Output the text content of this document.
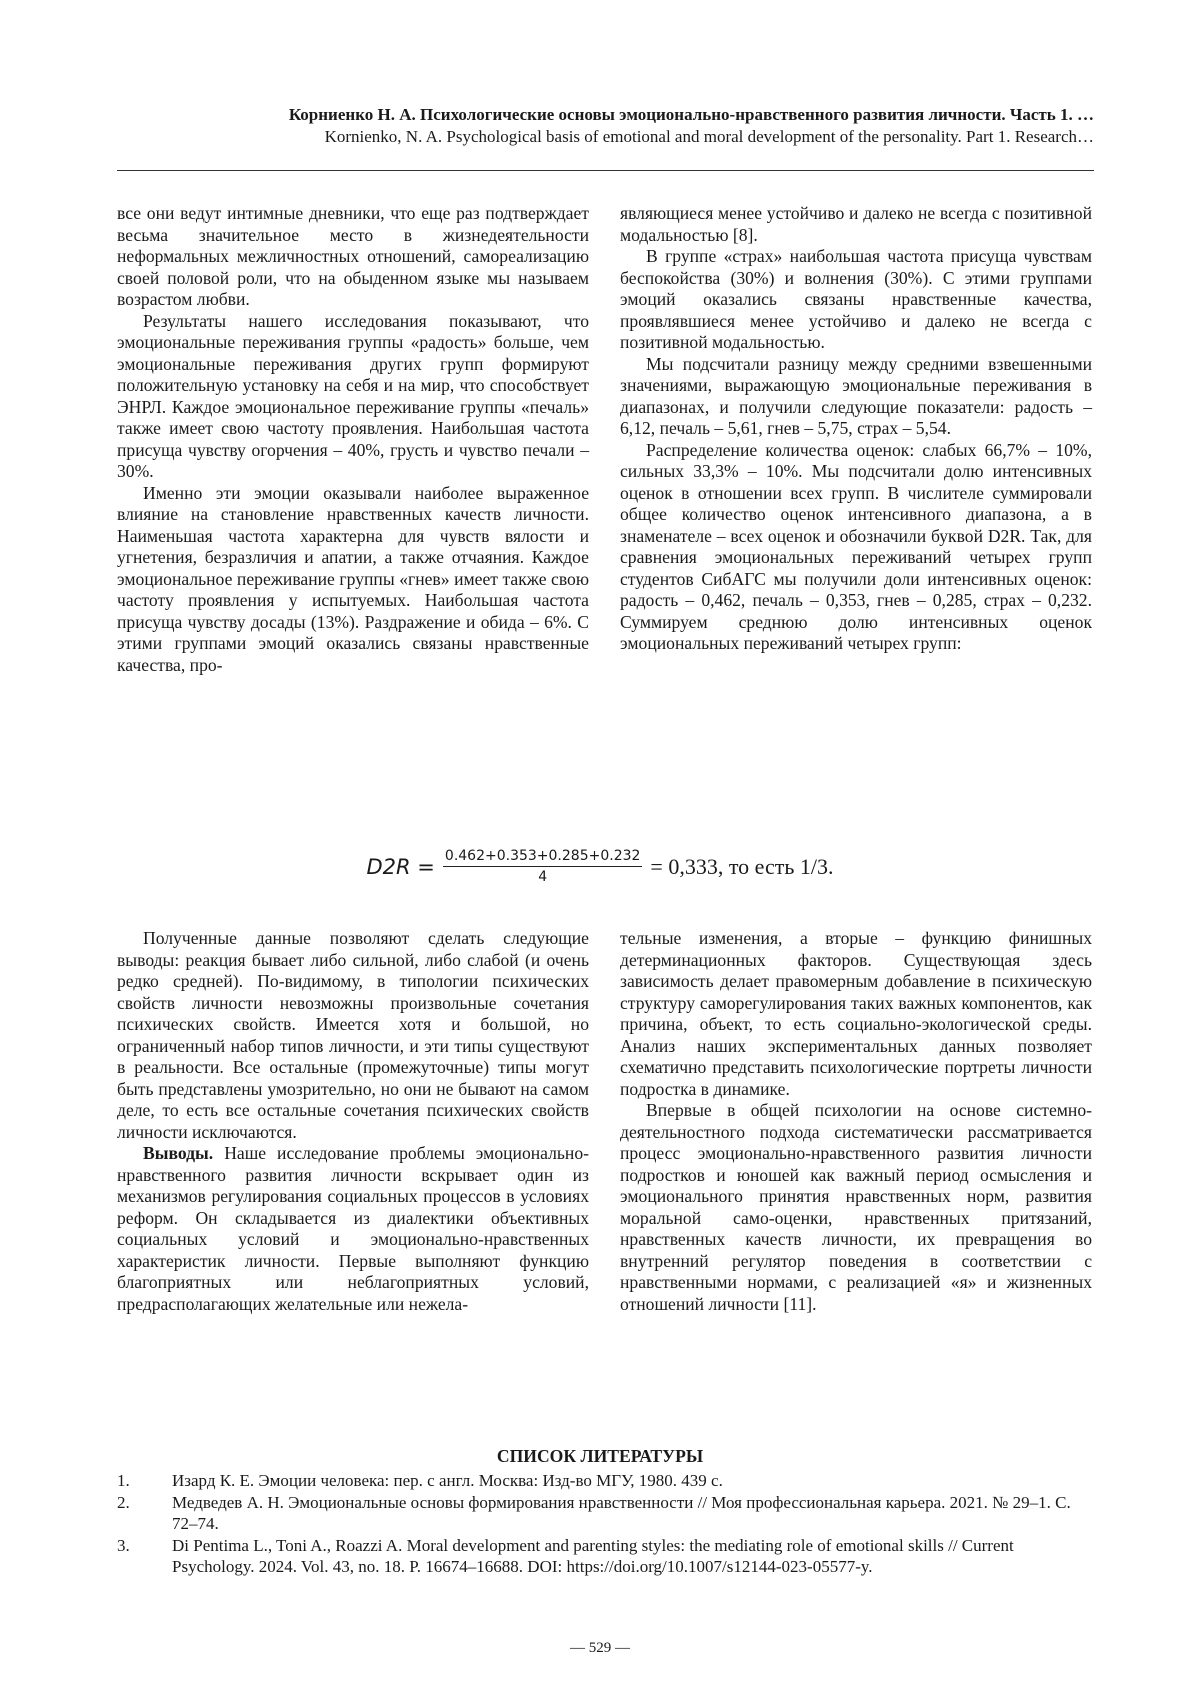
Корниенко Н. А. Психологические основы эмоционально-нравственного развития личности. Часть 1. …
Kornienko, N. A. Psychological basis of emotional and moral development of the personality. Part 1. Research…

все они ведут интимные дневники, что еще раз подтверждает весьма значительное место в жизнедеятельности неформальных межличностных отношений, самореализацию своей половой роли, что на обыденном языке мы называем возрастом любви.

Результаты нашего исследования показывают, что эмоциональные переживания группы «радость» больше, чем эмоциональные переживания других групп формируют положительную установку на себя и на мир, что способствует ЭНРЛ. Каждое эмоциональное переживание группы «печаль» также имеет свою частоту проявления. Наибольшая частота присуща чувству огорчения – 40%, грусть и чувство печали – 30%.

Именно эти эмоции оказывали наиболее выраженное влияние на становление нравственных качеств личности. Наименьшая частота характерна для чувств вялости и угнетения, безразличия и апатии, а также отчаяния. Каждое эмоциональное переживание группы «гнев» имеет также свою частоту проявления у испытуемых. Наибольшая частота присуща чувству досады (13%). Раздражение и обида – 6%. С этими группами эмоций оказались связаны нравственные качества, про-

являющиеся менее устойчиво и далеко не всегда с позитивной модальностью [8].

В группе «страх» наибольшая частота присуща чувствам беспокойства (30%) и волнения (30%). С этими группами эмоций оказались связаны нравственные качества, проявлявшиеся менее устойчиво и далеко не всегда с позитивной модальностью.

Мы подсчитали разницу между средними взвешенными значениями, выражающую эмоциональные переживания в диапазонах, и получили следующие показатели: радость – 6,12, печаль – 5,61, гнев – 5,75, страх – 5,54.

Распределение количества оценок: слабых 66,7% – 10%, сильных 33,3% – 10%. Мы подсчитали долю интенсивных оценок в отношении всех групп. В числителе суммировали общее количество оценок интенсивного диапазона, а в знаменателе – всех оценок и обозначили буквой D2R. Так, для сравнения эмоциональных переживаний четырех групп студентов СибАГС мы получили доли интенсивных оценок: радость – 0,462, печаль – 0,353, гнев – 0,285, страх – 0,232. Суммируем среднюю долю интенсивных оценок эмоциональных переживаний четырех групп:

D2R = 0.462+0.353+0.285+0.232
4	= 0,333, то есть 1/3.

Полученные данные позволяют сделать следующие выводы: реакция бывает либо сильной, либо слабой (и очень редко средней). По-видимому, в типологии психических свойств личности невозможны произвольные сочетания психических свойств. Имеется хотя и большой, но ограниченный набор типов личности, и эти типы существуют в реальности. Все остальные (промежуточные) типы могут быть представлены умозрительно, но они не бывают на самом деле, то есть все остальные сочетания психических свойств личности исключаются.

Выводы. Наше исследование проблемы эмоционально-нравственного развития личности вскрывает один из механизмов регулирования социальных процессов в условиях реформ. Он складывается из диалектики объективных социальных условий и эмоционально-нравственных характеристик личности. Первые выполняют функцию благоприятных или неблагоприятных условий, предрасполагающих желательные или нежела-

тельные изменения, а вторые – функцию финишных детерминационных факторов. Существующая здесь зависимость делает правомерным добавление в психическую структуру саморегулирования таких важных компонентов, как причина, объект, то есть социально-экологической среды. Анализ наших экспериментальных данных позволяет схематично представить психологические портреты личности подростка в динамике.

Впервые в общей психологии на основе системно-деятельностного подхода систематически рассматривается процесс эмоционально-нравственного развития личности подростков и юношей как важный период осмысления и эмоционального принятия нравственных норм, развития моральной само-оценки, нравственных притязаний, нравственных качеств личности, их превращения во внутренний регулятор поведения в соответствии с нравственными нормами, с реализацией «я» и жизненных отношений личности [11].

СПИСОК ЛИТЕРАТУРЫ
1.	Изард К. Е. Эмоции человека: пер. с англ. Москва: Изд-во МГУ, 1980. 439 с.
2.	Медведев А. Н. Эмоциональные основы формирования нравственности // Моя профессиональная карьера. 2021. № 29–1. С. 72–74.
3.	Di Pentima L., Toni A., Roazzi A. Moral development and parenting styles: the mediating role of emotional skills // Current Psychology. 2024. Vol. 43, no. 18. P. 16674–16688. DOI: https://doi.org/10.1007/s12144-023-05577-y.
— 529 —
